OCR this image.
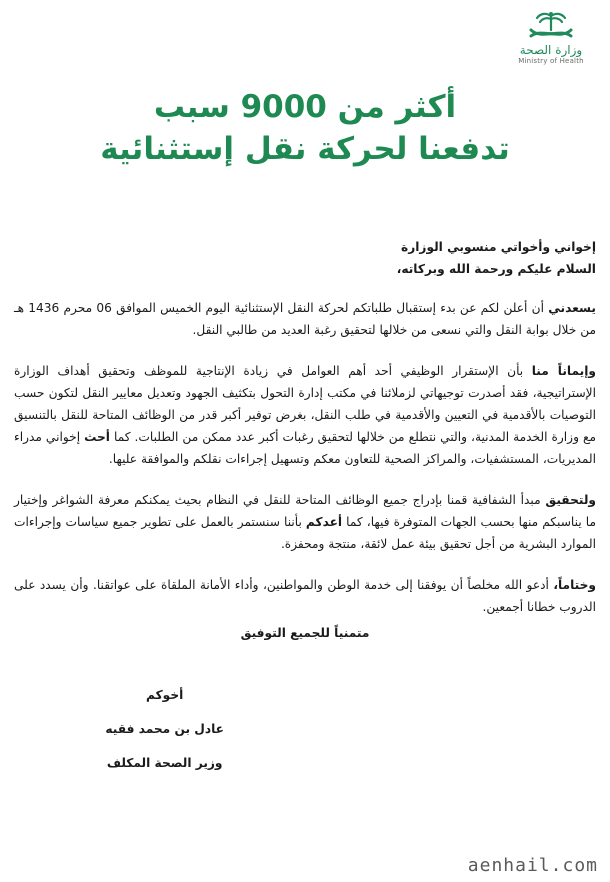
وزارة الصحة
Ministry of Health
أكثر من 9000 سبب
تدفعنا لحركة نقل إستثنائية

إخواني وأخواتي منسوبي الوزارة

السلام عليكم ورحمة الله وبركاته،

يسعدني أن أعلن لكم عن بدء إستقبال طلباتكم لحركة النقل الإستثنائية اليوم الخميس الموافق 06 محرم 1436 هـ من خلال بوابة النقل والتي نسعى من خلالها لتحقيق رغبة العديد من طالبي النقل.

وإيماناً منا بأن الإستقرار الوظيفي أحد أهم العوامل في زيادة الإنتاجية للموظف وتحقيق أهداف الوزارة الإستراتيجية، فقد أصدرت توجيهاتي لزملائنا في مكتب إدارة التحول بتكثيف الجهود وتعديل معايير النقل لتكون حسب التوصيات بالأقدمية في التعيين والأقدمية في طلب النقل، بغرض توفير أكبر قدر من الوظائف المتاحة للنقل بالتنسيق مع وزارة الخدمة المدنية، والتي نتطلع من خلالها لتحقيق رغبات أكبر عدد ممكن من الطلبات. كما أحث إخواني مدراء المديريات، المستشفيات، والمراكز الصحية للتعاون معكم وتسهيل إجراءات نقلكم والموافقة عليها.

ولتحقيق مبدأ الشفافية قمنا بإدراج جميع الوظائف المتاحة للنقل في النظام بحيث يمكنكم معرفة الشواغر وإختيار ما يناسبكم منها بحسب الجهات المتوفرة فيها، كما أعدكم بأننا سنستمر بالعمل على تطوير جميع سياسات وإجراءات الموارد البشرية من أجل تحقيق بيئة عمل لائقة، منتجة ومحفزة.

وختاماً، أدعو الله مخلصاً أن يوفقنا إلى خدمة الوطن والمواطنين، وأداء الأمانة الملقاة على عواتقنا. وأن يسدد على الدروب خطانا أجمعين.

متمنياً للجميع التوفيق
أخوكم
عادل بن محمد فقيه
وزير الصحة المكلف
aenhail.com
